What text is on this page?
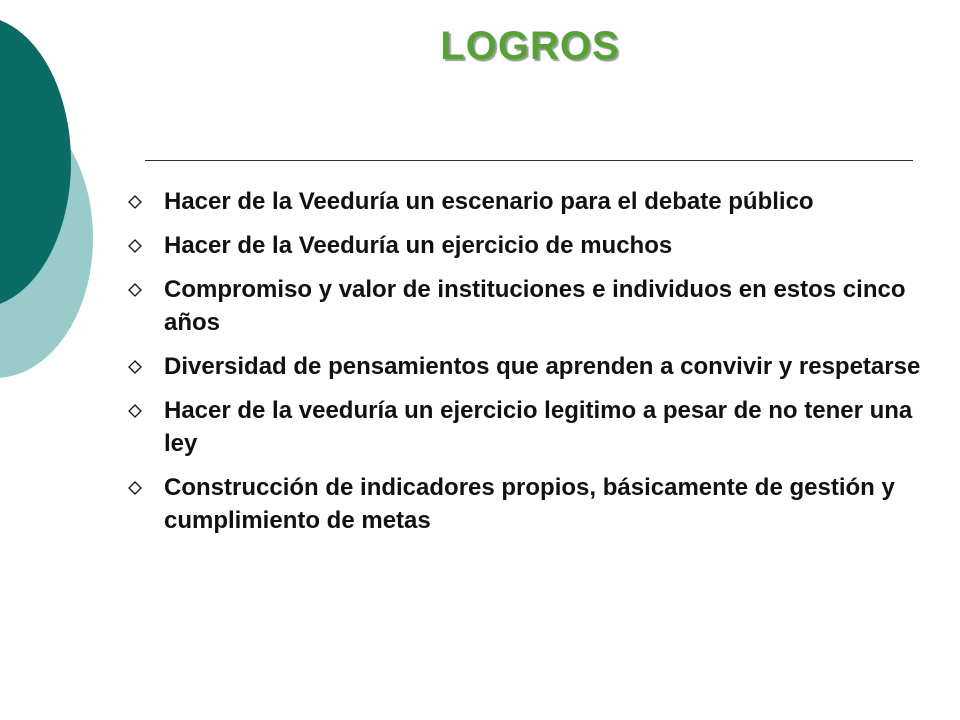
LOGROS
Hacer de la Veeduría un escenario para el debate público
Hacer de la Veeduría un ejercicio de muchos
Compromiso y valor de instituciones e individuos en estos cinco años
Diversidad de pensamientos que aprenden a convivir y respetarse
Hacer de la veeduría un ejercicio legitimo a pesar de no tener una ley
Construcción de indicadores propios, básicamente de gestión y cumplimiento de metas
